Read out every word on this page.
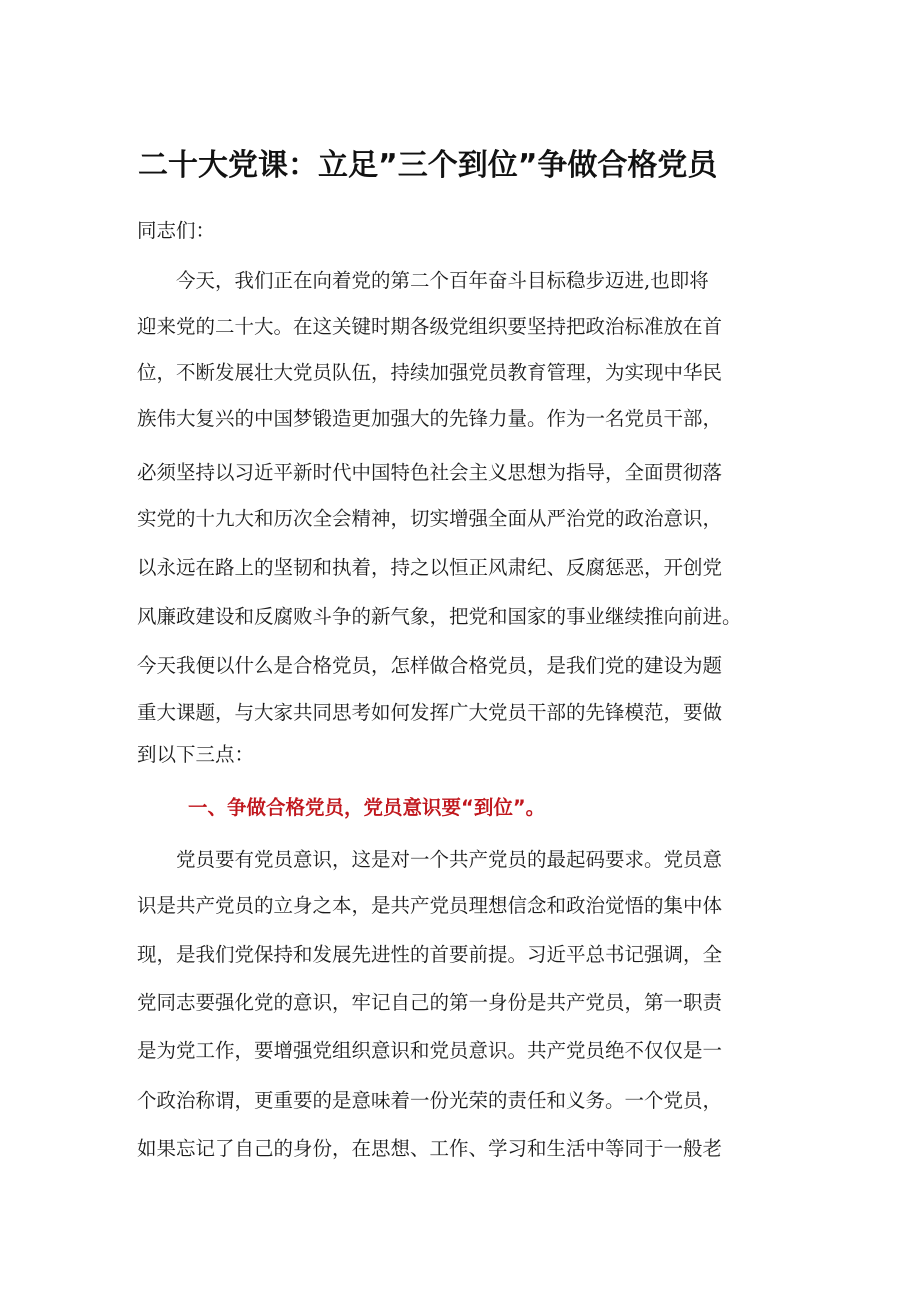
二十大党课：立足”三个到位”争做合格党员
同志们：
　　今天，我们正在向着党的第二个百年奋斗目标稳步迈进,也即将
迎来党的二十大。在这关键时期各级党组织要坚持把政治标准放在首
位，不断发展壮大党员队伍，持续加强党员教育管理，为实现中华民
族伟大复兴的中国梦锻造更加强大的先锋力量。作为一名党员干部，
必须坚持以习近平新时代中国特色社会主义思想为指导，全面贯彻落
实党的十九大和历次全会精神，切实增强全面从严治党的政治意识，
以永远在路上的坚韧和执着，持之以恒正风肃纪、反腐惩恶，开创党
风廉政建设和反腐败斗争的新气象，把党和国家的事业继续推向前进。
今天我便以什么是合格党员，怎样做合格党员，是我们党的建设为题
重大课题，与大家共同思考如何发挥广大党员干部的先锋模范，要做
到以下三点：
一、争做合格党员，党员意识要“到位”。
　　党员要有党员意识，这是对一个共产党员的最起码要求。党员意
识是共产党员的立身之本，是共产党员理想信念和政治觉悟的集中体
现，是我们党保持和发展先进性的首要前提。习近平总书记强调，全
党同志要强化党的意识，牢记自己的第一身份是共产党员，第一职责
是为党工作，要增强党组织意识和党员意识。共产党员绝不仅仅是一
个政治称谓，更重要的是意味着一份光荣的责任和义务。一个党员，
如果忘记了自己的身份，在思想、工作、学习和生活中等同于一般老
